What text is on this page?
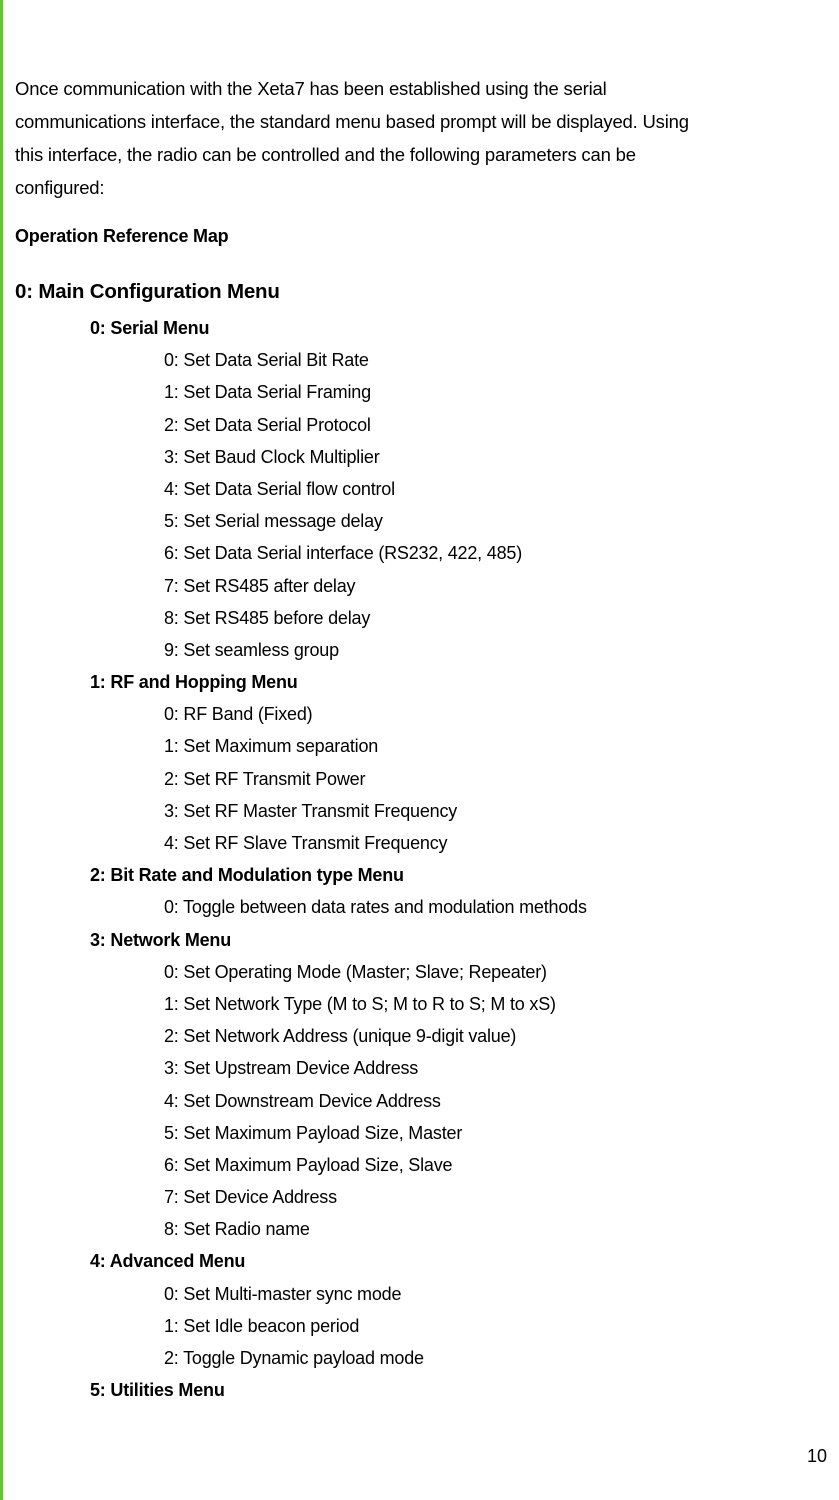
Once communication with the Xeta7 has been established using the serial
communications interface, the standard menu based prompt will be displayed. Using
this interface, the radio can be controlled and the following parameters can be
configured:
Operation Reference Map
0: Main Configuration Menu
0: Serial Menu
0: Set Data Serial Bit Rate
1: Set Data Serial Framing
2: Set Data Serial Protocol
3: Set Baud Clock Multiplier
4: Set Data Serial flow control
5: Set Serial message delay
6: Set Data Serial interface (RS232, 422, 485)
7: Set RS485 after delay
8: Set RS485 before delay
9: Set seamless group
1: RF and Hopping Menu
0: RF Band (Fixed)
1: Set Maximum separation
2: Set RF Transmit Power
3: Set RF Master Transmit Frequency
4: Set RF Slave Transmit Frequency
2: Bit Rate and Modulation type Menu
0: Toggle between data rates and modulation methods
3: Network Menu
0: Set Operating Mode (Master; Slave; Repeater)
1: Set Network Type (M to S; M to R to S; M to xS)
2: Set Network Address (unique 9-digit value)
3: Set Upstream Device Address
4: Set Downstream Device Address
5: Set Maximum Payload Size, Master
6: Set Maximum Payload Size, Slave
7: Set Device Address
8: Set Radio name
4: Advanced Menu
0: Set Multi-master sync mode
1: Set Idle beacon period
2: Toggle Dynamic payload mode
5: Utilities Menu
10
